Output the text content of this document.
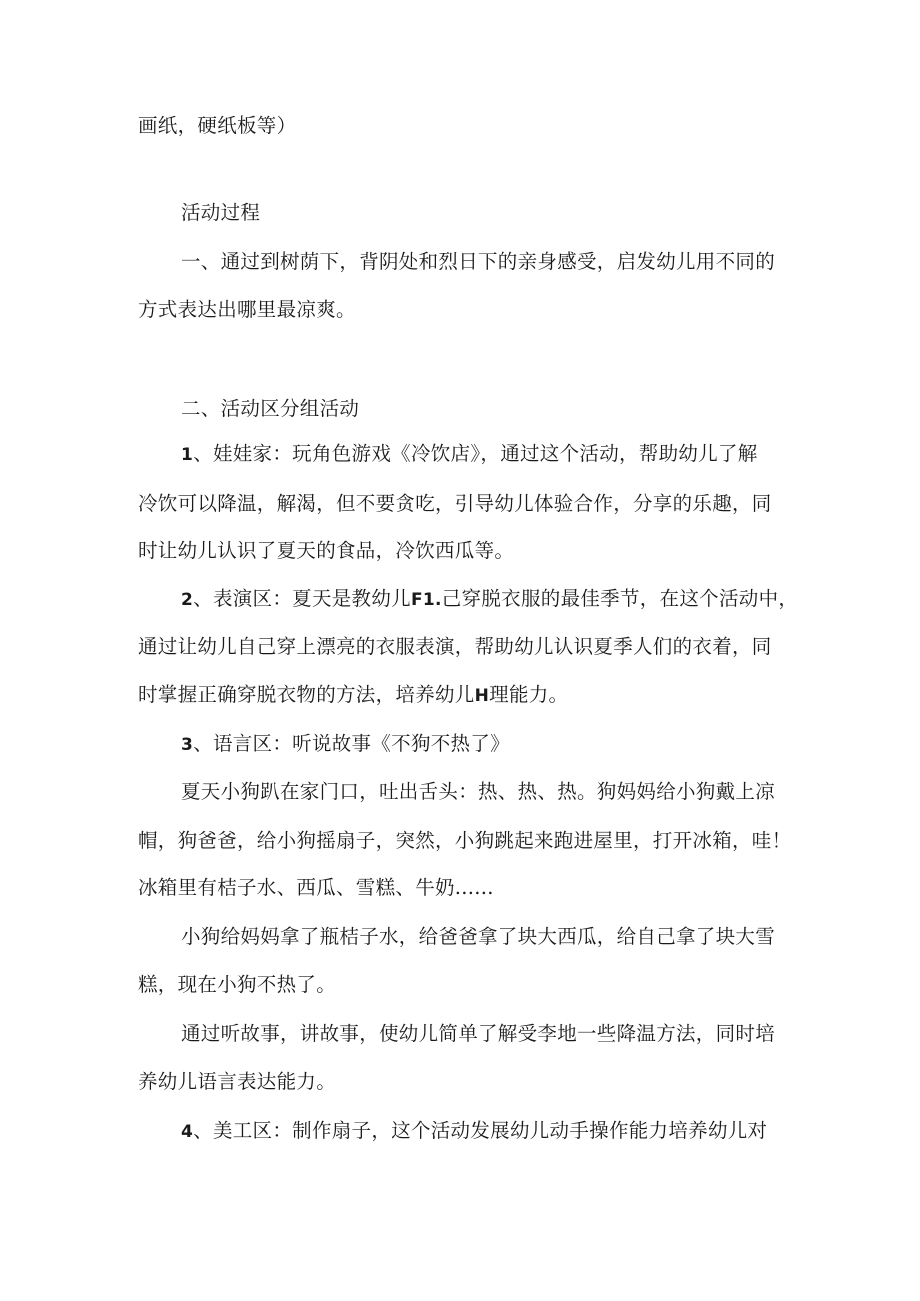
画纸，硬纸板等）
活动过程
一、通过到树荫下，背阴处和烈日下的亲身感受，启发幼儿用不同的
方式表达出哪里最凉爽。
二、活动区分组活动
1、娃娃家：玩角色游戏《冷饮店》，通过这个活动，帮助幼儿了解
冷饮可以降温，解渴，但不要贪吃，引导幼儿体验合作，分享的乐趣，同
时让幼儿认识了夏天的食品，冷饮西瓜等。
2、表演区：夏天是教幼儿F1.己穿脱衣服的最佳季节，在这个活动中，
通过让幼儿自己穿上漂亮的衣服表演，帮助幼儿认识夏季人们的衣着，同
时掌握正确穿脱衣物的方法，培养幼儿H理能力。
3、语言区：听说故事《不狗不热了》
夏天小狗趴在家门口，吐出舌头：热、热、热。狗妈妈给小狗戴上凉
帽，狗爸爸，给小狗摇扇子，突然，小狗跳起来跑进屋里，打开冰箱，哇！
冰箱里有桔子水、西瓜、雪糕、牛奶......
小狗给妈妈拿了瓶桔子水，给爸爸拿了块大西瓜，给自己拿了块大雪
糕，现在小狗不热了。
通过听故事，讲故事，使幼儿简单了解受李地一些降温方法，同时培
养幼儿语言表达能力。
4、美工区：制作扇子，这个活动发展幼儿动手操作能力培养幼儿对
